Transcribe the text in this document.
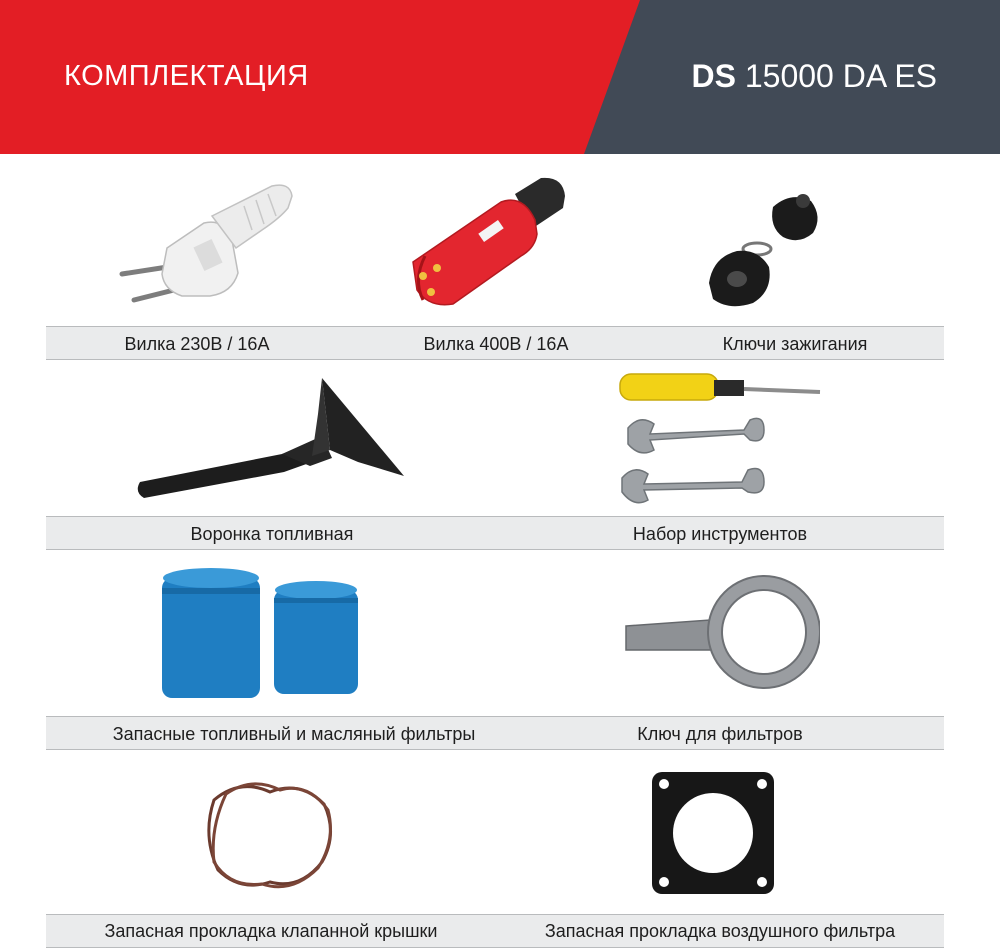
КОМПЛЕКТАЦИЯ	DS 15000 DA ES
Вилка 230В / 16А	Вилка 400В / 16А	Ключи зажигания
Воронка топливная	Набор инструментов
Запасные топливный и масляный фильтры	Ключ для фильтров
Запасная прокладка клапанной крышки	Запасная прокладка воздушного фильтра
